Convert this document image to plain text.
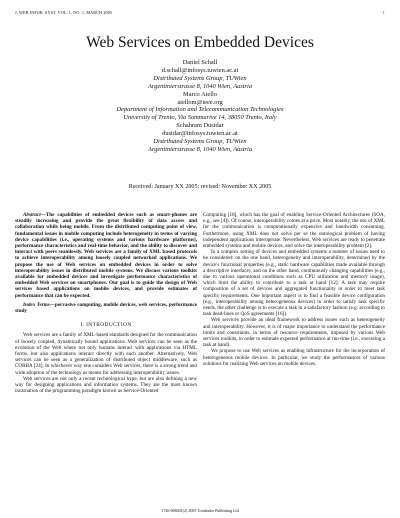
J. WEB INFOR. SYST. VOL. 1, NO. 1, MARCH 2005	1
Web Services on Embedded Devices
Daniel Schall
d.schall@infosys.tuwien.ac.at
Distributed Systems Group, TUWien
Argentinierstrasse 8, 1040 Wien, Austria
Marco Aiello
aiellom@ieee.org
Department of Information and Telecommunication Technologies
University of Trento, Via Sommarive 14, 38050 Trento, Italy
Schahram Dustdar
dustdar@infosys.tuwien.ac.at
Distributed Systems Group, TUWien
Argentinierstrasse 8, 1040 Wien, Austria
Received: January XX 2005; revised: November XX 2005

Abstract—The capabilities of embedded devices such as smart-phones are steadily increasing and provide the great flexibility of data access and collaboration while being mobile. From the distributed computing point of view, fundamental issues in mobile computing include heterogeneity in terms of varying device capabilities (i.e., operating systems and various hardware platforms), performance characteristics and real-time behavior, and the ability to discover and interact with peers seamlessly. Web services are a family of XML based protocols to achieve interoperability among loosely coupled networked applications. We propose the use of Web services on embedded devices in order to solve interoperability issues in distributed mobile systems. We discuss various toolkits available for embedded devices and investigate performance characteristics of embedded Web services on smartphones. Our goal is to guide the design of Web services based applications on mobile devices, and provide estimates of performance that can be expected.

Index Terms—pervasive computing, mobile devices, web services, performance study

I. INTRODUCTION

Web services are a family of XML-based standards designed for the communication of loosely coupled, dynamically bound applications. Web services can be seen as the evolution of the Web where not only humans interact with applications via HTML forms, but also applications interact directly with each another. Alternatively, Web services can be seen as a generalization of distributed object middleware, such as CORBA [24]. In whichever way one considers Web services, there is a strong trend and wide adoption of the technology as means for addressing interoperability issues.

Web services are not only a recent technological hype, but are also defining a new way for designing applications and information systems. They are the most known incarnation of the programming paradigm known as Service-Oriented

Computing [18], which has the goal of enabling Service-Oriented Architectures (SOA, e.g., see [4]). Of course, interoperability comes at a price. Most notably, the use of XML for the communication is computationally expensive and bandwidth consuming. Furthermore, using XML does not solve per se the ontological problem of having independent applications interoperate. Nevertheless, Web services are ready to penetrate embedded systems and mobile devices, and solve the interoperability problem [2].

In a complex setting of devices and embedded systems a number of issues need to be considered: on the one hand, heterogeneity and interoperability, determined by the device's functional properties (e.g., static hardware capabilities made available through a descriptive interface), and on the other hand, continuously changing capabilities (e.g., due to various operational conditions such as CPU utilization and memory usage), which limit the ability to contribute to a task at hand [12]. A task may require composition of a set of devices and aggregated functionality in order to meet task specific requirements. One important aspect is to find a feasible device configuration (e.g., interoperability among heterogeneous devices) in order to satisfy task specific needs, the other challenge is to execute a task in a satisfactory fashion (e.g. according to task dead-lines or QoS agreements [16]).

Web services provide an ideal framework to address issues such as heterogeneity and interoperability. However, it is of major importance to understand the performance limits and constraints, in terms of resource requirements, imposed by various Web services toolkits, in order to estimate expected performance at run-time (i.e., executing a task at hand).

We propose to use Web services as enabling infrastructure for the incorporation of heterogeneous mobile devices. In particular, we study the performances of various solutions for realizing Web services on mobile devices.

1746-008401(2) 2005 Troubador Publishing Ltd
